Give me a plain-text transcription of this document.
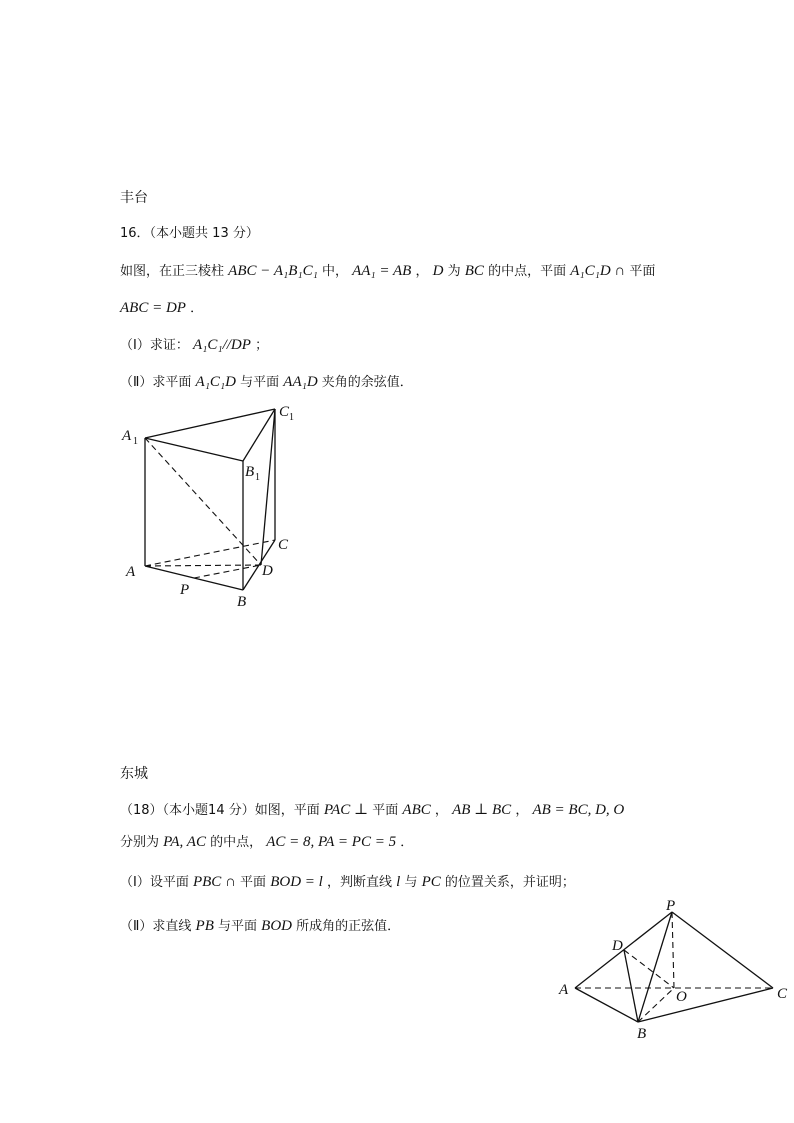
丰台
16．（本小题共 13 分）
如图，在正三棱柱 ABC − A₁B₁C₁ 中， AA₁ = AB ， D 为 BC 的中点，平面 A₁C₁D ∩ 平面
ABC = DP ．
（Ⅰ）求证： A₁C₁//DP ；
（Ⅱ）求平面 A₁C₁D 与平面 AA₁D 夹角的余弦值．
A 1
B 1
C 1
A
B
C
D
P
东城
（18）（本小题14 分）如图，平面 PAC ⊥ 平面 ABC ， AB ⊥ BC ， AB = BC, D, O
分别为 PA, AC 的中点， AC = 8, PA = PC = 5 ．
（I）设平面 PBC ∩ 平面 BOD = l ，判断直线 l 与 PC 的位置关系，并证明；
（Ⅱ）求直线 PB 与平面 BOD 所成角的正弦值．
P
D
A	O	C
B
